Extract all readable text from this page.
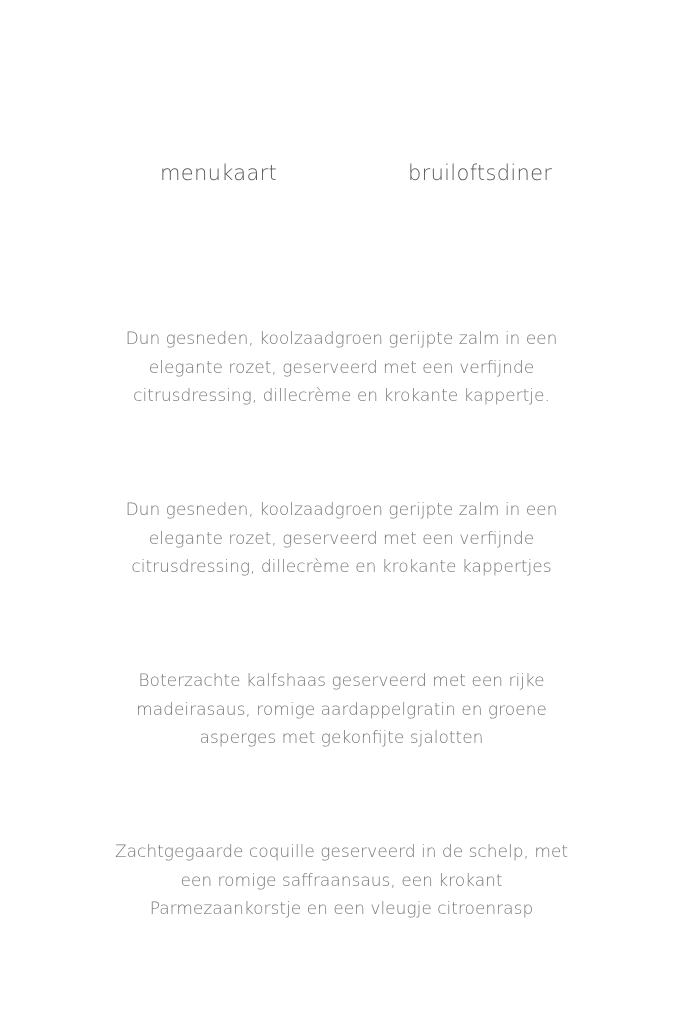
menukaart	bruiloftsdiner

Dun gesneden, koolzaadgroen gerijpte zalm in een

elegante rozet, geserveerd met een verfijnde

citrusdressing, dillecrème en krokante kappertje.

Dun gesneden, koolzaadgroen gerijpte zalm in een

elegante rozet, geserveerd met een verfijnde

citrusdressing, dillecrème en krokante kappertjes

Boterzachte kalfshaas geserveerd met een rijke

madeirasaus, romige aardappelgratin en groene

asperges met gekonfijte sjalotten

Zachtgegaarde coquille geserveerd in de schelp, met

een romige saffraansaus, een krokant

Parmezaankorstje en een vleugje citroenrasp
